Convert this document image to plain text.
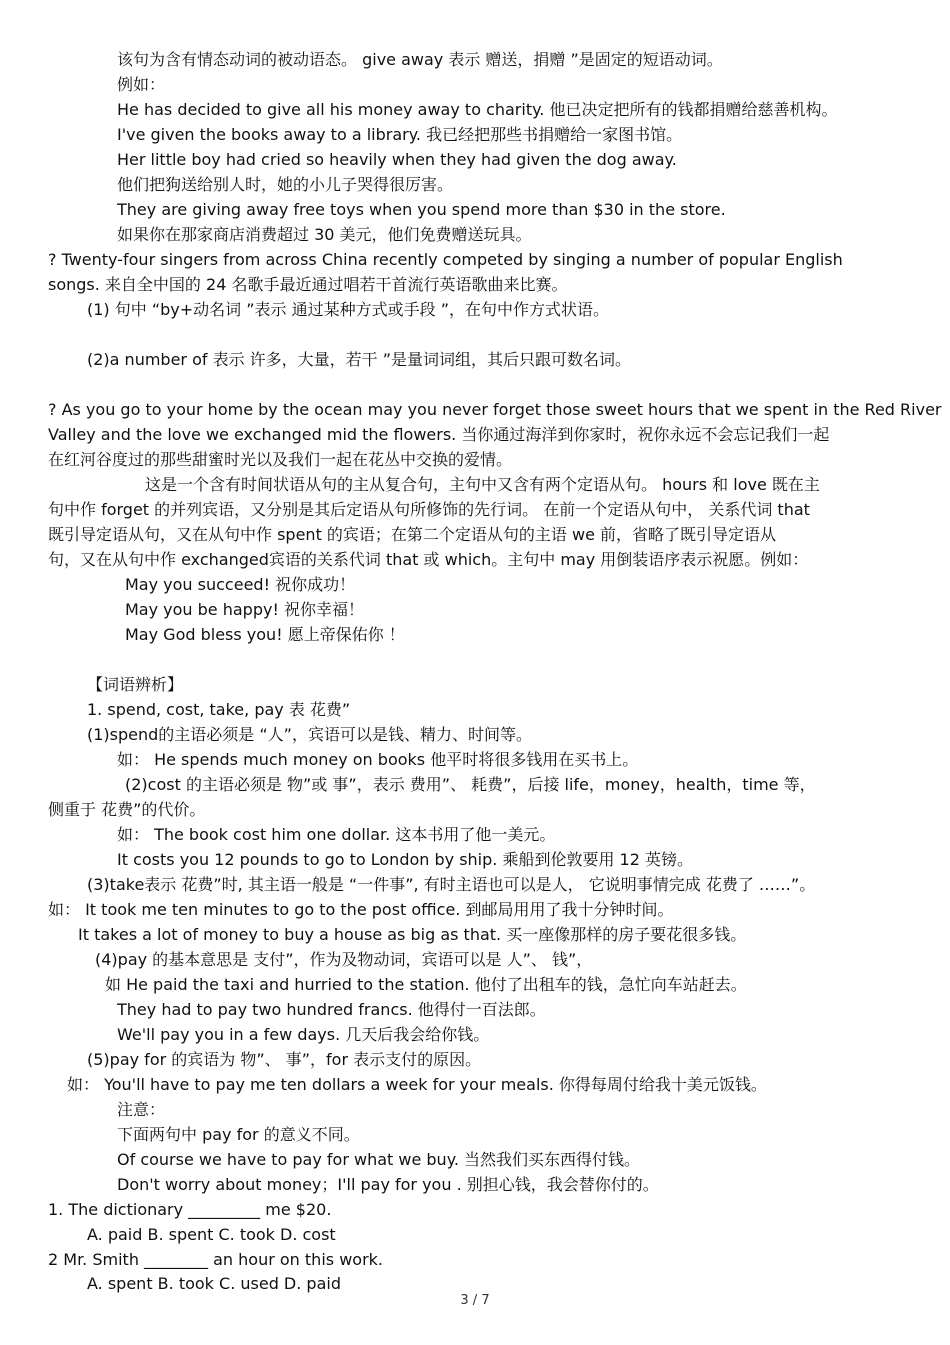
该句为含有情态动词的被动语态。 give away 表示 赠送，捐赠 ”是固定的短语动词。
例如：
He has decided to give all his money away to charity. 他已决定把所有的钱都捐赠给慈善机构。
I've given the books away to a library. 我已经把那些书捐赠给一家图书馆。
Her little boy had cried so heavily when they had given the dog away.
他们把狗送给别人时，她的小儿子哭得很厉害。
They are giving away free toys when you spend more than $30 in the store.
如果你在那家商店消费超过 30 美元，他们免费赠送玩具。
? Twenty-four singers from across China recently competed by singing a number of popular English
songs. 来自全中国的 24 名歌手最近通过唱若干首流行英语歌曲来比赛。
(1) 句中 “by+动名词 ”表示 通过某种方式或手段 ”，在句中作方式状语。
(2)a number of 表示 许多，大量，若干 ”是量词词组，其后只跟可数名词。
? As you go to your home by the ocean may you never forget those sweet hours that we spent in the Red River
Valley and the love we exchanged mid the flowers. 当你通过海洋到你家时，祝你永远不会忘记我们一起
在红河谷度过的那些甜蜜时光以及我们一起在花丛中交换的爱情。
这是一个含有时间状语从句的主从复合句，主句中又含有两个定语从句。 hours 和 love 既在主
句中作 forget 的并列宾语，又分别是其后定语从句所修饰的先行词。 在前一个定语从句中， 关系代词 that
既引导定语从句，又在从句中作 spent 的宾语；在第二个定语从句的主语 we 前，省略了既引导定语从
句，又在从句中作 exchanged宾语的关系代词 that 或 which。主句中 may 用倒装语序表示祝愿。例如：
May you succeed! 祝你成功！
May you be happy! 祝你幸福！
May God bless you! 愿上帝保佑你 ！
【词语辨析】
1. spend, cost, take, pay 表 花费”
(1)spend的主语必须是 “人”，宾语可以是钱、精力、时间等。
如： He spends much money on books 他平时将很多钱用在买书上。
(2)cost 的主语必须是 物”或 事”，表示 费用”、 耗费”，后接 life，money，health，time 等，
侧重于 花费”的代价。
如： The book cost him one dollar. 这本书用了他一美元。
It costs you 12 pounds to go to London by ship. 乘船到伦敦要用 12 英镑。
(3)take表示 花费”时, 其主语一般是 “一件事”, 有时主语也可以是人， 它说明事情完成 花费了 ……”。
如： It took me ten minutes to go to the post office. 到邮局用用了我十分钟时间。
It takes a lot of money to buy a house as big as that. 买一座像那样的房子要花很多钱。
(4)pay 的基本意思是 支付”，作为及物动词，宾语可以是 人”、 钱”，
如 He paid the taxi and hurried to the station. 他付了出租车的钱，急忙向车站赶去。
They had to pay two hundred francs. 他得付一百法郎。
We'll pay you in a few days. 几天后我会给你钱。
(5)pay for 的宾语为 物”、 事”，for 表示支付的原因。
如： You'll have to pay me ten dollars a week for your meals. 你得每周付给我十美元饭钱。
注意：
下面两句中 pay for 的意义不同。
Of course we have to pay for what we buy. 当然我们买东西得付钱。
Don't worry about money；I'll pay for you . 别担心钱，我会替你付的。
1. The dictionary _________ me $20.
A. paid B. spent C. took D. cost
2 Mr. Smith ________ an hour on this work.
A. spent B. took C. used D. paid
3 / 7
